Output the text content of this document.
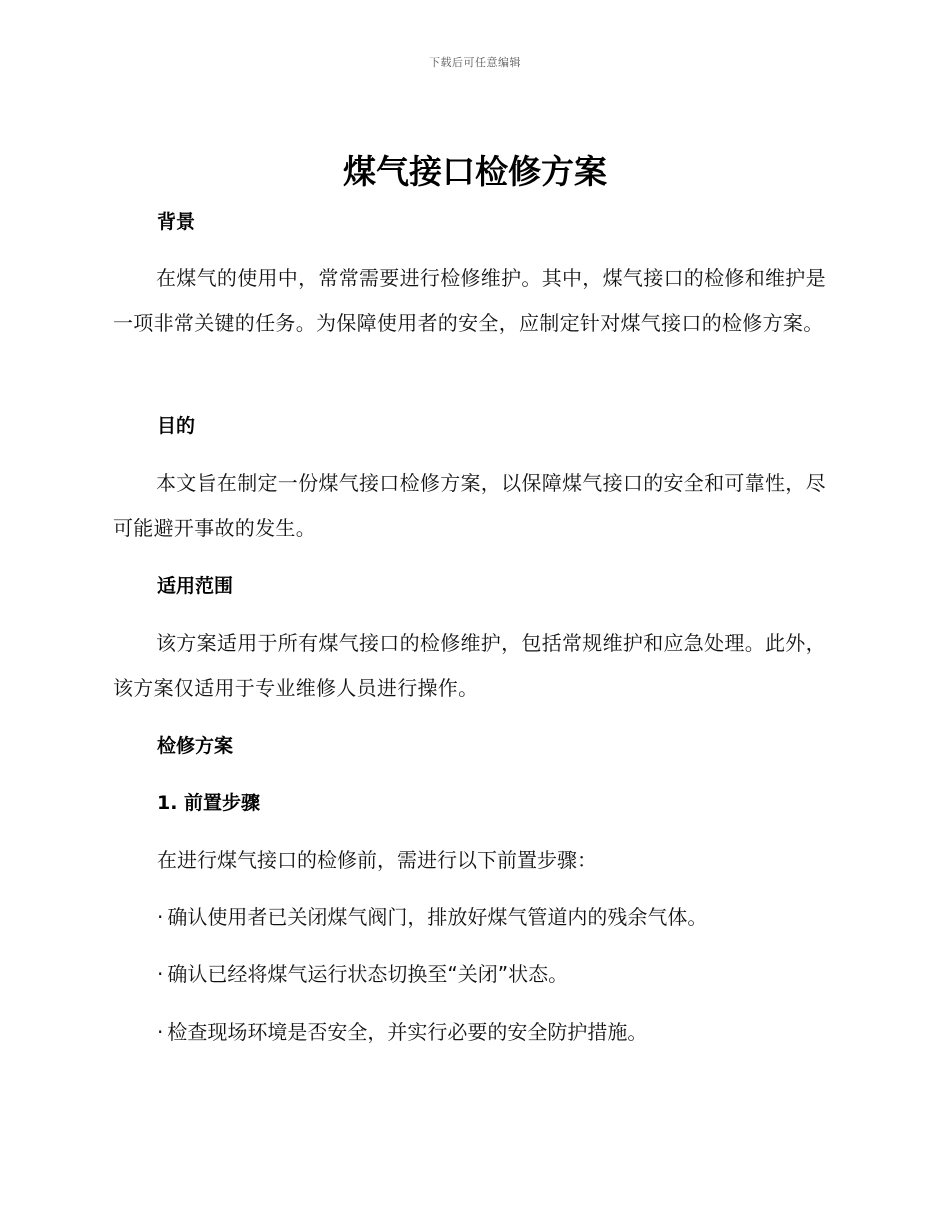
下载后可任意编辑
煤气接口检修方案
背景

在煤气的使用中，常常需要进行检修维护。其中，煤气接口的检修和维护是一项非常关键的任务。为保障使用者的安全，应制定针对煤气接口的检修方案。

目的

本文旨在制定一份煤气接口检修方案，以保障煤气接口的安全和可靠性，尽可能避开事故的发生。

适用范围

该方案适用于所有煤气接口的检修维护，包括常规维护和应急处理。此外，该方案仅适用于专业维修人员进行操作。

检修方案
1. 前置步骤

在进行煤气接口的检修前，需进行以下前置步骤：

· 确认使用者已关闭煤气阀门，排放好煤气管道内的残余气体。

· 确认已经将煤气运行状态切换至“关闭”状态。

· 检查现场环境是否安全，并实行必要的安全防护措施。
